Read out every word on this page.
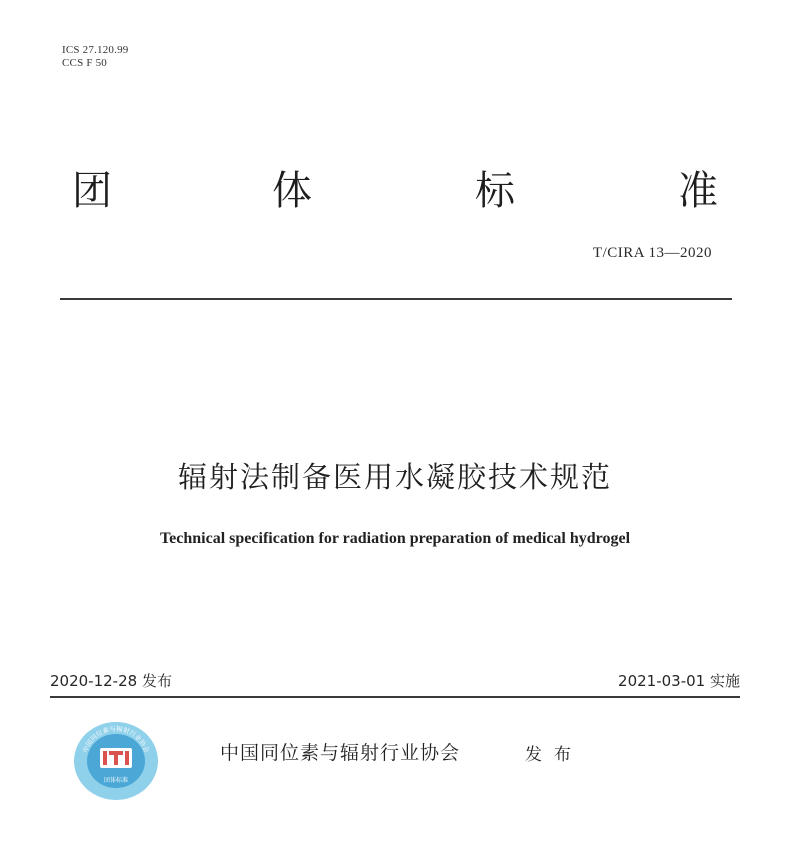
ICS 27.120.99
CCS F 50
团	体	标	准
T/CIRA 13—2020
辐射法制备医用水凝胶技术规范
Technical specification for radiation preparation of medical hydrogel
2020-12-28 发布	2021-03-01 实施
中国同位素与辐射行业协会
团体标准
中国同位素与辐射行业协会	发布
